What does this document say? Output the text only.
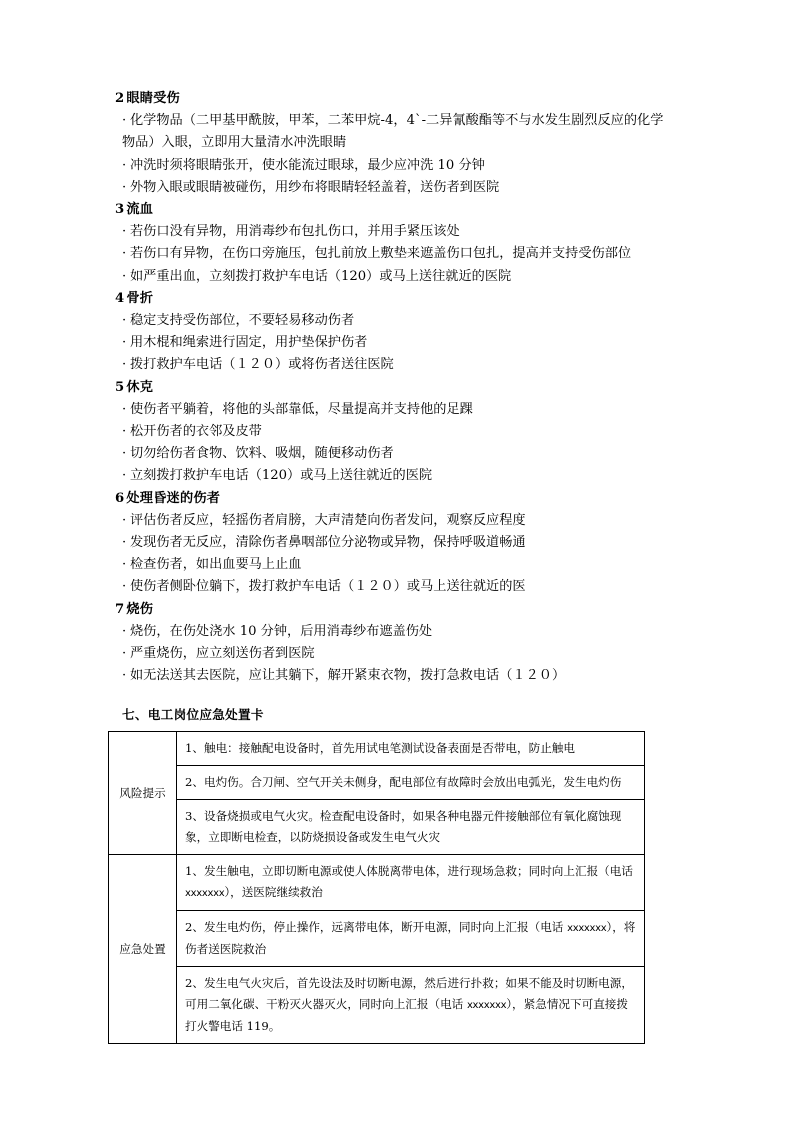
2 眼睛受伤
· 化学物品（二甲基甲酰胺，甲苯，二苯甲烷-4，4`-二异氰酸酯等不与水发生剧烈反应的化学物品）入眼，立即用大量清水冲洗眼睛
· 冲洗时须将眼睛张开，使水能流过眼球，最少应冲洗 10 分钟
· 外物入眼或眼睛被碰伤，用纱布将眼睛轻轻盖着，送伤者到医院
3 流血
· 若伤口没有异物，用消毒纱布包扎伤口，并用手紧压该处
· 若伤口有异物，在伤口旁施压，包扎前放上敷垫来遮盖伤口包扎，提高并支持受伤部位
· 如严重出血，立刻拨打救护车电话（120）或马上送往就近的医院
4 骨折
· 稳定支持受伤部位，不要轻易移动伤者
· 用木棍和绳索进行固定，用护垫保护伤者
· 拨打救护车电话（１２０）或将伤者送往医院
5 休克
· 使伤者平躺着，将他的头部靠低，尽量提高并支持他的足踝
· 松开伤者的衣邻及皮带
· 切勿给伤者食物、饮料、吸烟，随便移动伤者
· 立刻拨打救护车电话（120）或马上送往就近的医院
6 处理昏迷的伤者
· 评估伤者反应，轻摇伤者肩膀，大声清楚向伤者发问，观察反应程度
· 发现伤者无反应，清除伤者鼻咽部位分泌物或异物，保持呼吸道畅通
· 检查伤者，如出血要马上止血
· 使伤者侧卧位躺下，拨打救护车电话（１２０）或马上送往就近的医
7 烧伤
· 烧伤，在伤处浇水 10 分钟，后用消毒纱布遮盖伤处
· 严重烧伤，应立刻送伤者到医院
· 如无法送其去医院，应让其躺下，解开紧束衣物，拨打急救电话（１２０）
七、电工岗位应急处置卡
风险提示	1、触电：接触配电设备时，首先用试电笔测试设备表面是否带电，防止触电
	2、电灼伤。合刀闸、空气开关未侧身，配电部位有故障时会放出电弧光，发生电灼伤
	3、设备烧损或电气火灾。检查配电设备时，如果各种电器元件接触部位有氧化腐蚀现象，立即断电检查，以防烧损设备或发生电气火灾
应急处置	1、发生触电，立即切断电源或使人体脱离带电体，进行现场急救；同时向上汇报（电话 xxxxxxx），送医院继续救治
	2、发生电灼伤，停止操作，远离带电体，断开电源，同时向上汇报（电话 xxxxxxx），将伤者送医院救治
	2、发生电气火灾后，首先设法及时切断电源，然后进行扑救；如果不能及时切断电源，可用二氧化碳、干粉灭火器灭火，同时向上汇报（电话 xxxxxxx），紧急情况下可直接拨打火警电话 119。
